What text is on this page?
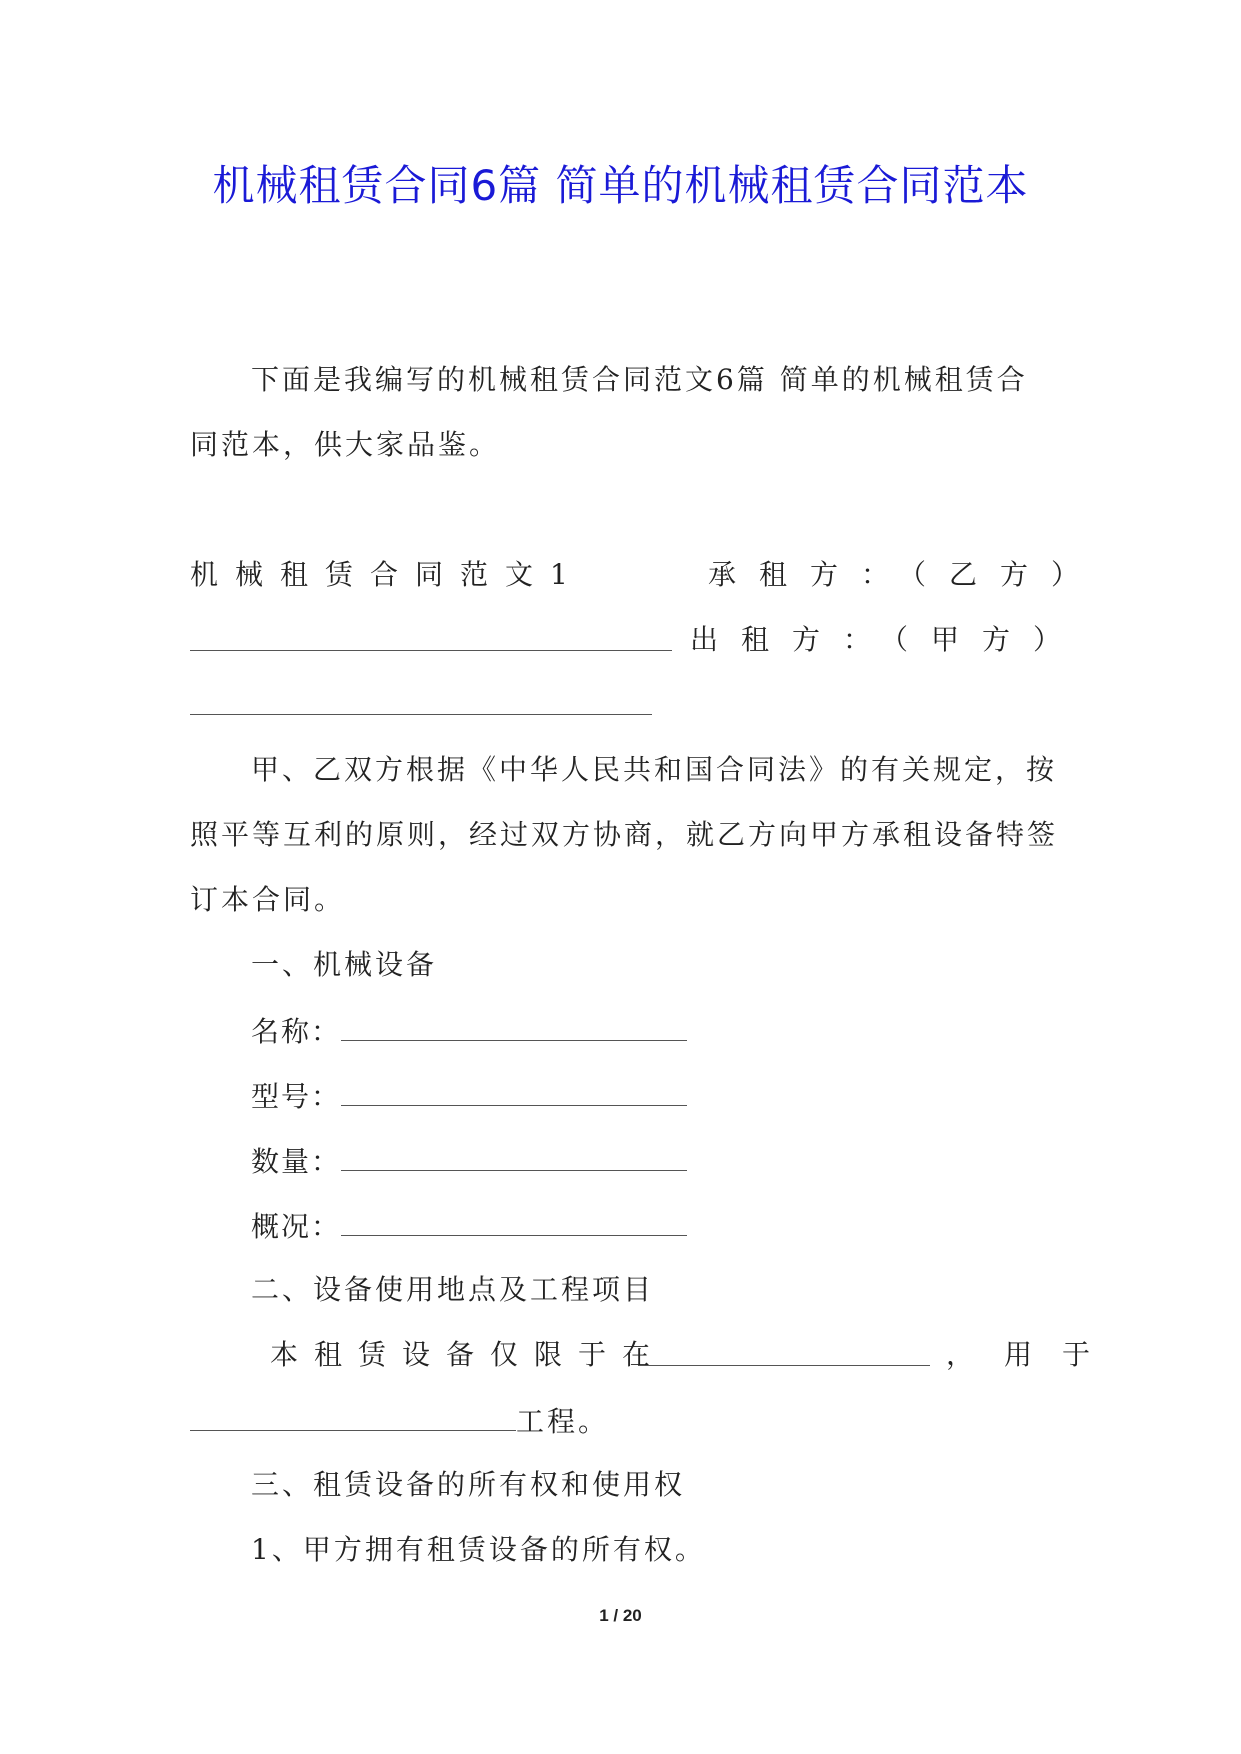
机械租赁合同6篇 简单的机械租赁合同范本
下面是我编写的机械租赁合同范文6篇 简单的机械租赁合
同范本，供大家品鉴。
机械租赁合同范文1	承租方：（乙方）
出租方：（甲方）
甲、乙双方根据《中华人民共和国合同法》的有关规定，按
照平等互利的原则，经过双方协商，就乙方向甲方承租设备特签
订本合同。
一、机械设备
名称：
型号：
数量：
概况：
二、设备使用地点及工程项目
本租赁设备仅限于在	，用于
工程。
三、租赁设备的所有权和使用权
1、甲方拥有租赁设备的所有权。
1 / 20
